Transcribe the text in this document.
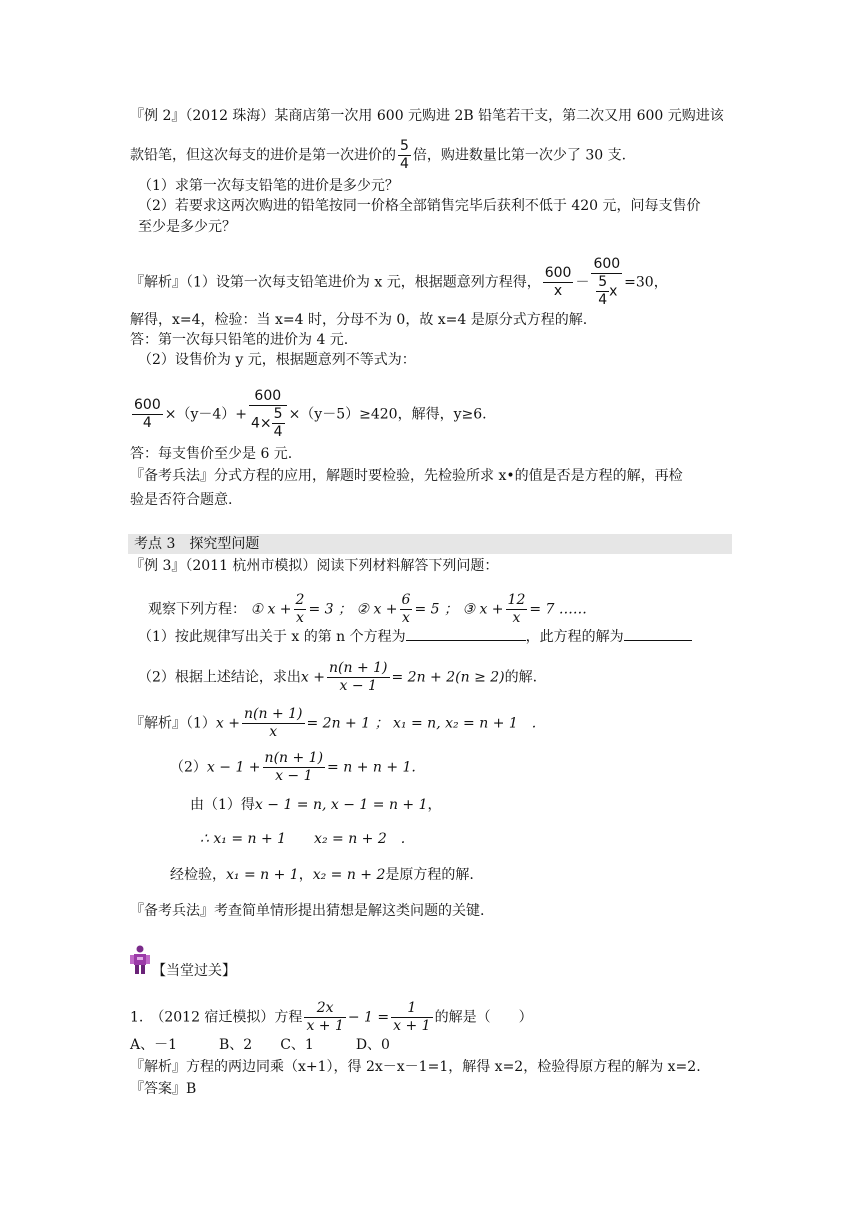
『例 2』（2012 珠海）某商店第一次用 600 元购进 2B 铅笔若干支，第二次又用 600 元购进该
款铅笔，但这次每支的进价是第一次进价的 $\frac{5}{4}$ 倍，购进数量比第一次少了 30 支.
（1）求第一次每支铅笔的进价是多少元？
（2）若要求这两次购进的铅笔按同一价格全部销售完毕后获利不低于 420 元，问每支售价
至少是多少元？
『解析』（1）设第一次每支铅笔进价为 x 元，根据题意列方程得， $\frac{600}{x} - \frac{600}{\frac{5}{4} x} =30$，
解得，x=4，检验：当 x=4 时，分母不为 0，故 x=4 是原分式方程的解.
答：第一次每只铅笔的进价为 4 元.
（2）设售价为 y 元，根据题意列不等式为：
$\frac{600}{4} \times(y-4)+ \frac{600}{4\times \frac{5}{4}} \times(y-5)\ge 420$，解得，y≥6.
答：每支售价至少是 6 元.
『备考兵法』分式方程的应用，解题时要检验，先检验所求 x•的值是否是方程的解，再检
验是否符合题意.
考点 3　探究型问题
『例 3』（2011 杭州市模拟）阅读下列材料解答下列问题：
观察下列方程： ① $x + \frac{2}{x} = 3$ ； ② $x + \frac{6}{x} = 5$ ； ③ $x + \frac{12}{x} = 7$ ……
（1）按此规律写出关于 x 的第 n 个方程为	，此方程的解为
（2）根据上述结论，求出$x + \frac{n(n + 1)}{x - 1} = 2n + 2(n \ge 2)$的解.
『解析』$(1)x + \frac{n(n + 1)}{x} = 2n + 1$ ； x₁ = n, x₂ = n + 1　.
$(2)x - 1 + \frac{n(n + 1)}{x - 1} = n + n + 1$.
由（1）得x − 1 = n, x − 1 = n + 1，
∴ x₁ = n + 1　　x₂ = n + 2　.
经检验，x₁ = n + 1，x₂ = n + 2是原方程的解.
『备考兵法』考查简单情形提出猜想是解这类问题的关键.
【当堂过关】
1.　（2012 宿迁模拟）方程 $\frac{2x}{x + 1} - 1 = \frac{1}{x + 1}$ 的解是（　　）
A、－1　　　B、2　　C、1　　　D、0
『解析』方程的两边同乘（x+1），得 2x－x－1=1，解得 x=2，检验得原方程的解为 x=2.
『答案』B
